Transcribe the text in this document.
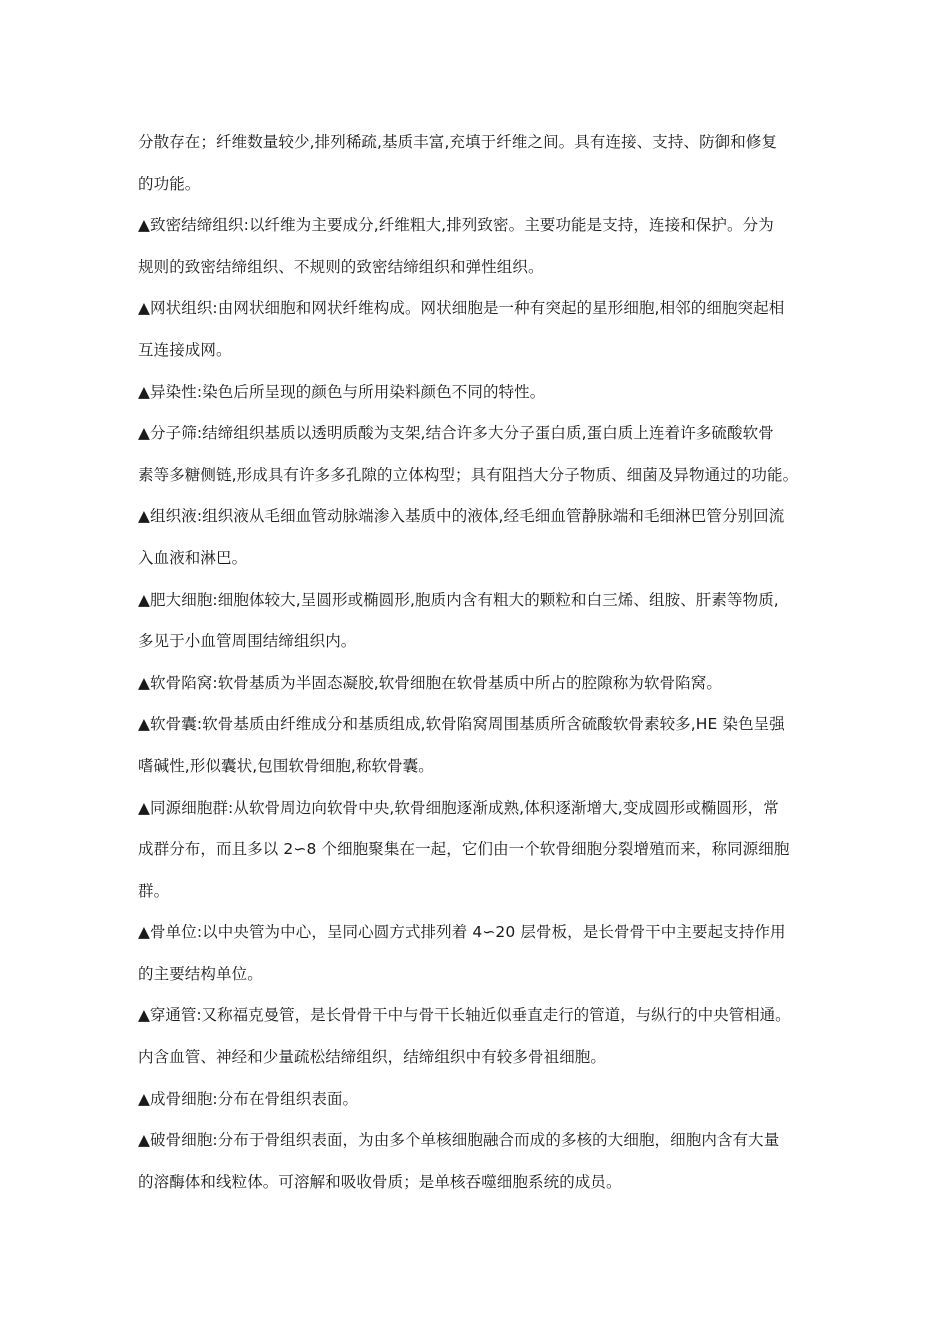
分散存在；纤维数量较少,排列稀疏,基质丰富,充填于纤维之间。具有连接、支持、防御和修复
的功能。
▲致密结缔组织:以纤维为主要成分,纤维粗大,排列致密。主要功能是支持，连接和保护。分为
规则的致密结缔组织、不规则的致密结缔组织和弹性组织。
▲网状组织:由网状细胞和网状纤维构成。网状细胞是一种有突起的星形细胞,相邻的细胞突起相
互连接成网。
▲异染性:染色后所呈现的颜色与所用染料颜色不同的特性。
▲分子筛:结缔组织基质以透明质酸为支架,结合许多大分子蛋白质,蛋白质上连着许多硫酸软骨
素等多糖侧链,形成具有许多多孔隙的立体构型；具有阻挡大分子物质、细菌及异物通过的功能。
▲组织液:组织液从毛细血管动脉端渗入基质中的液体,经毛细血管静脉端和毛细淋巴管分别回流
入血液和淋巴。
▲肥大细胞:细胞体较大,呈圆形或椭圆形,胞质内含有粗大的颗粒和白三烯、组胺、肝素等物质,
多见于小血管周围结缔组织内。
▲软骨陷窝:软骨基质为半固态凝胶,软骨细胞在软骨基质中所占的腔隙称为软骨陷窝。
▲软骨囊:软骨基质由纤维成分和基质组成,软骨陷窝周围基质所含硫酸软骨素较多,HE 染色呈强
嗜碱性,形似囊状,包围软骨细胞,称软骨囊。
▲同源细胞群:从软骨周边向软骨中央,软骨细胞逐渐成熟,体积逐渐增大,变成圆形或椭圆形，常
成群分布，而且多以 2∽8 个细胞聚集在一起，它们由一个软骨细胞分裂增殖而来，称同源细胞
群。
▲骨单位:以中央管为中心，呈同心圆方式排列着 4∽20 层骨板，是长骨骨干中主要起支持作用
的主要结构单位。
▲穿通管:又称福克曼管，是长骨骨干中与骨干长轴近似垂直走行的管道，与纵行的中央管相通。
内含血管、神经和少量疏松结缔组织，结缔组织中有较多骨祖细胞。
▲成骨细胞:分布在骨组织表面。
▲破骨细胞:分布于骨组织表面，为由多个单核细胞融合而成的多核的大细胞，细胞内含有大量
的溶酶体和线粒体。可溶解和吸收骨质；是单核吞噬细胞系统的成员。
